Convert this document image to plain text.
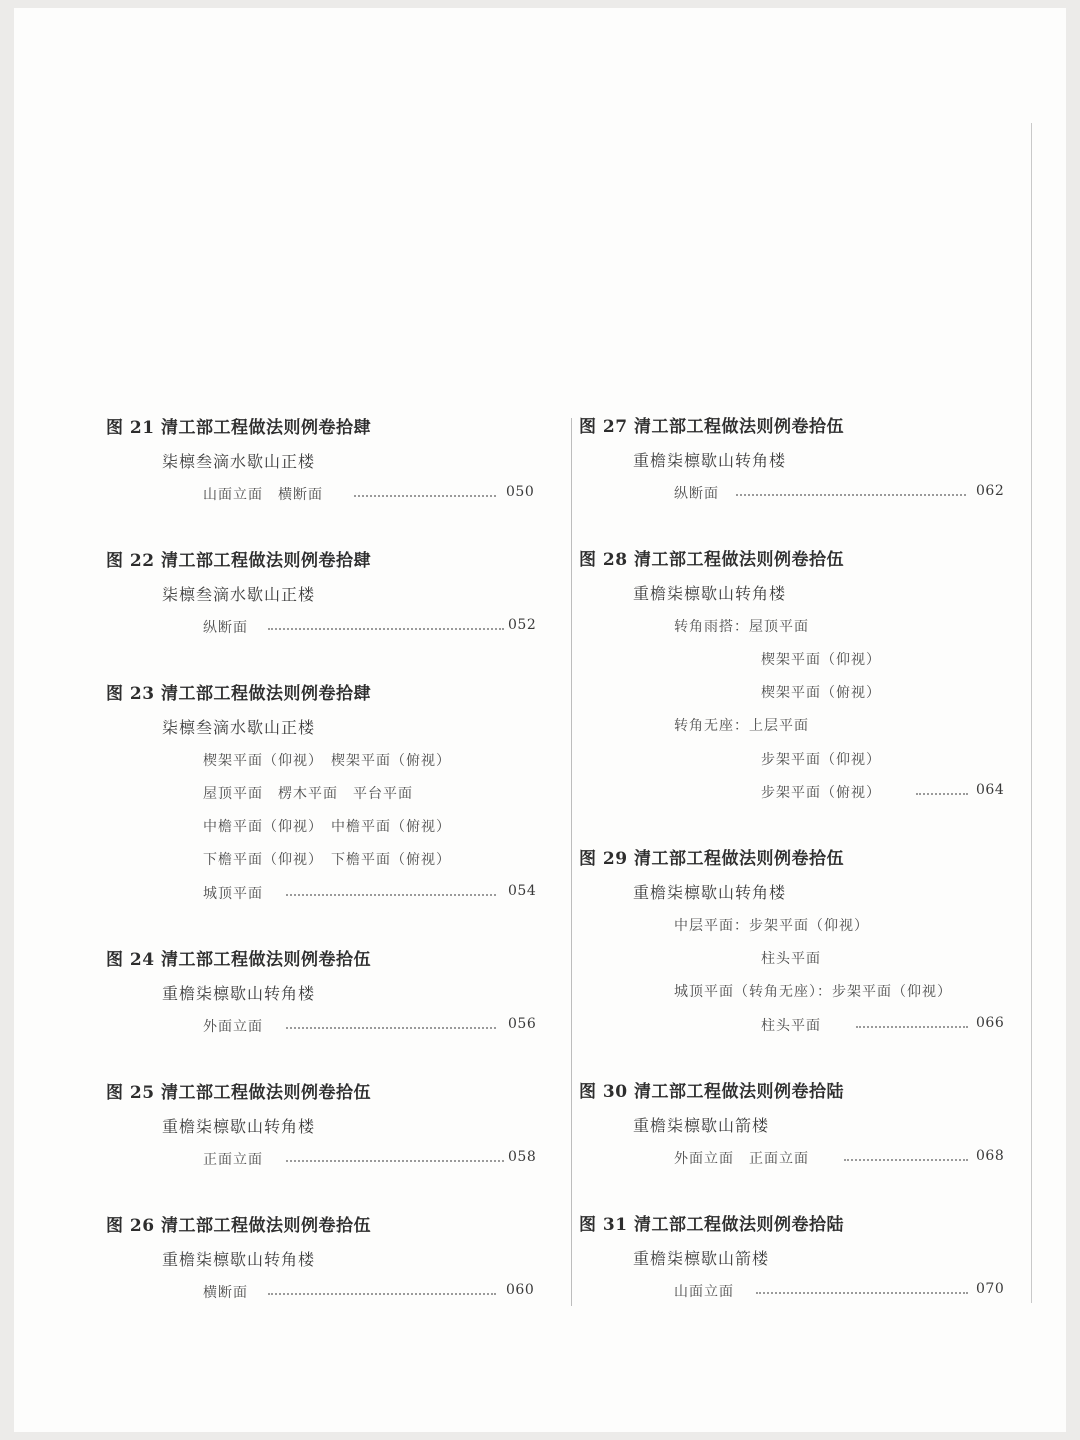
图 21 清工部工程做法则例卷拾肆
柒檩叁滴水歇山正楼
山面立面　横断面	050
图 22 清工部工程做法则例卷拾肆
柒檩叁滴水歇山正楼
纵断面	052
图 23 清工部工程做法则例卷拾肆
柒檩叁滴水歇山正楼
楔架平面（仰视）　楔架平面（俯视）
屋顶平面　楞木平面　平台平面
中檐平面（仰视）　中檐平面（俯视）
下檐平面（仰视）　下檐平面（俯视）
城顶平面	054
图 24 清工部工程做法则例卷拾伍
重檐柒檩歇山转角楼
外面立面	056
图 25 清工部工程做法则例卷拾伍
重檐柒檩歇山转角楼
正面立面	058
图 26 清工部工程做法则例卷拾伍
重檐柒檩歇山转角楼
横断面	060
图 27 清工部工程做法则例卷拾伍
重檐柒檩歇山转角楼
纵断面	062
图 28 清工部工程做法则例卷拾伍
重檐柒檩歇山转角楼
转角雨搭：屋顶平面
楔架平面（仰视）
楔架平面（俯视）
转角无座：上层平面
步架平面（仰视）
步架平面（俯视）	064
图 29 清工部工程做法则例卷拾伍
重檐柒檩歇山转角楼
中层平面：步架平面（仰视）
柱头平面
城顶平面（转角无座）：步架平面（仰视）
柱头平面	066
图 30 清工部工程做法则例卷拾陆
重檐柒檩歇山箭楼
外面立面　正面立面	068
图 31 清工部工程做法则例卷拾陆
重檐柒檩歇山箭楼
山面立面	070
